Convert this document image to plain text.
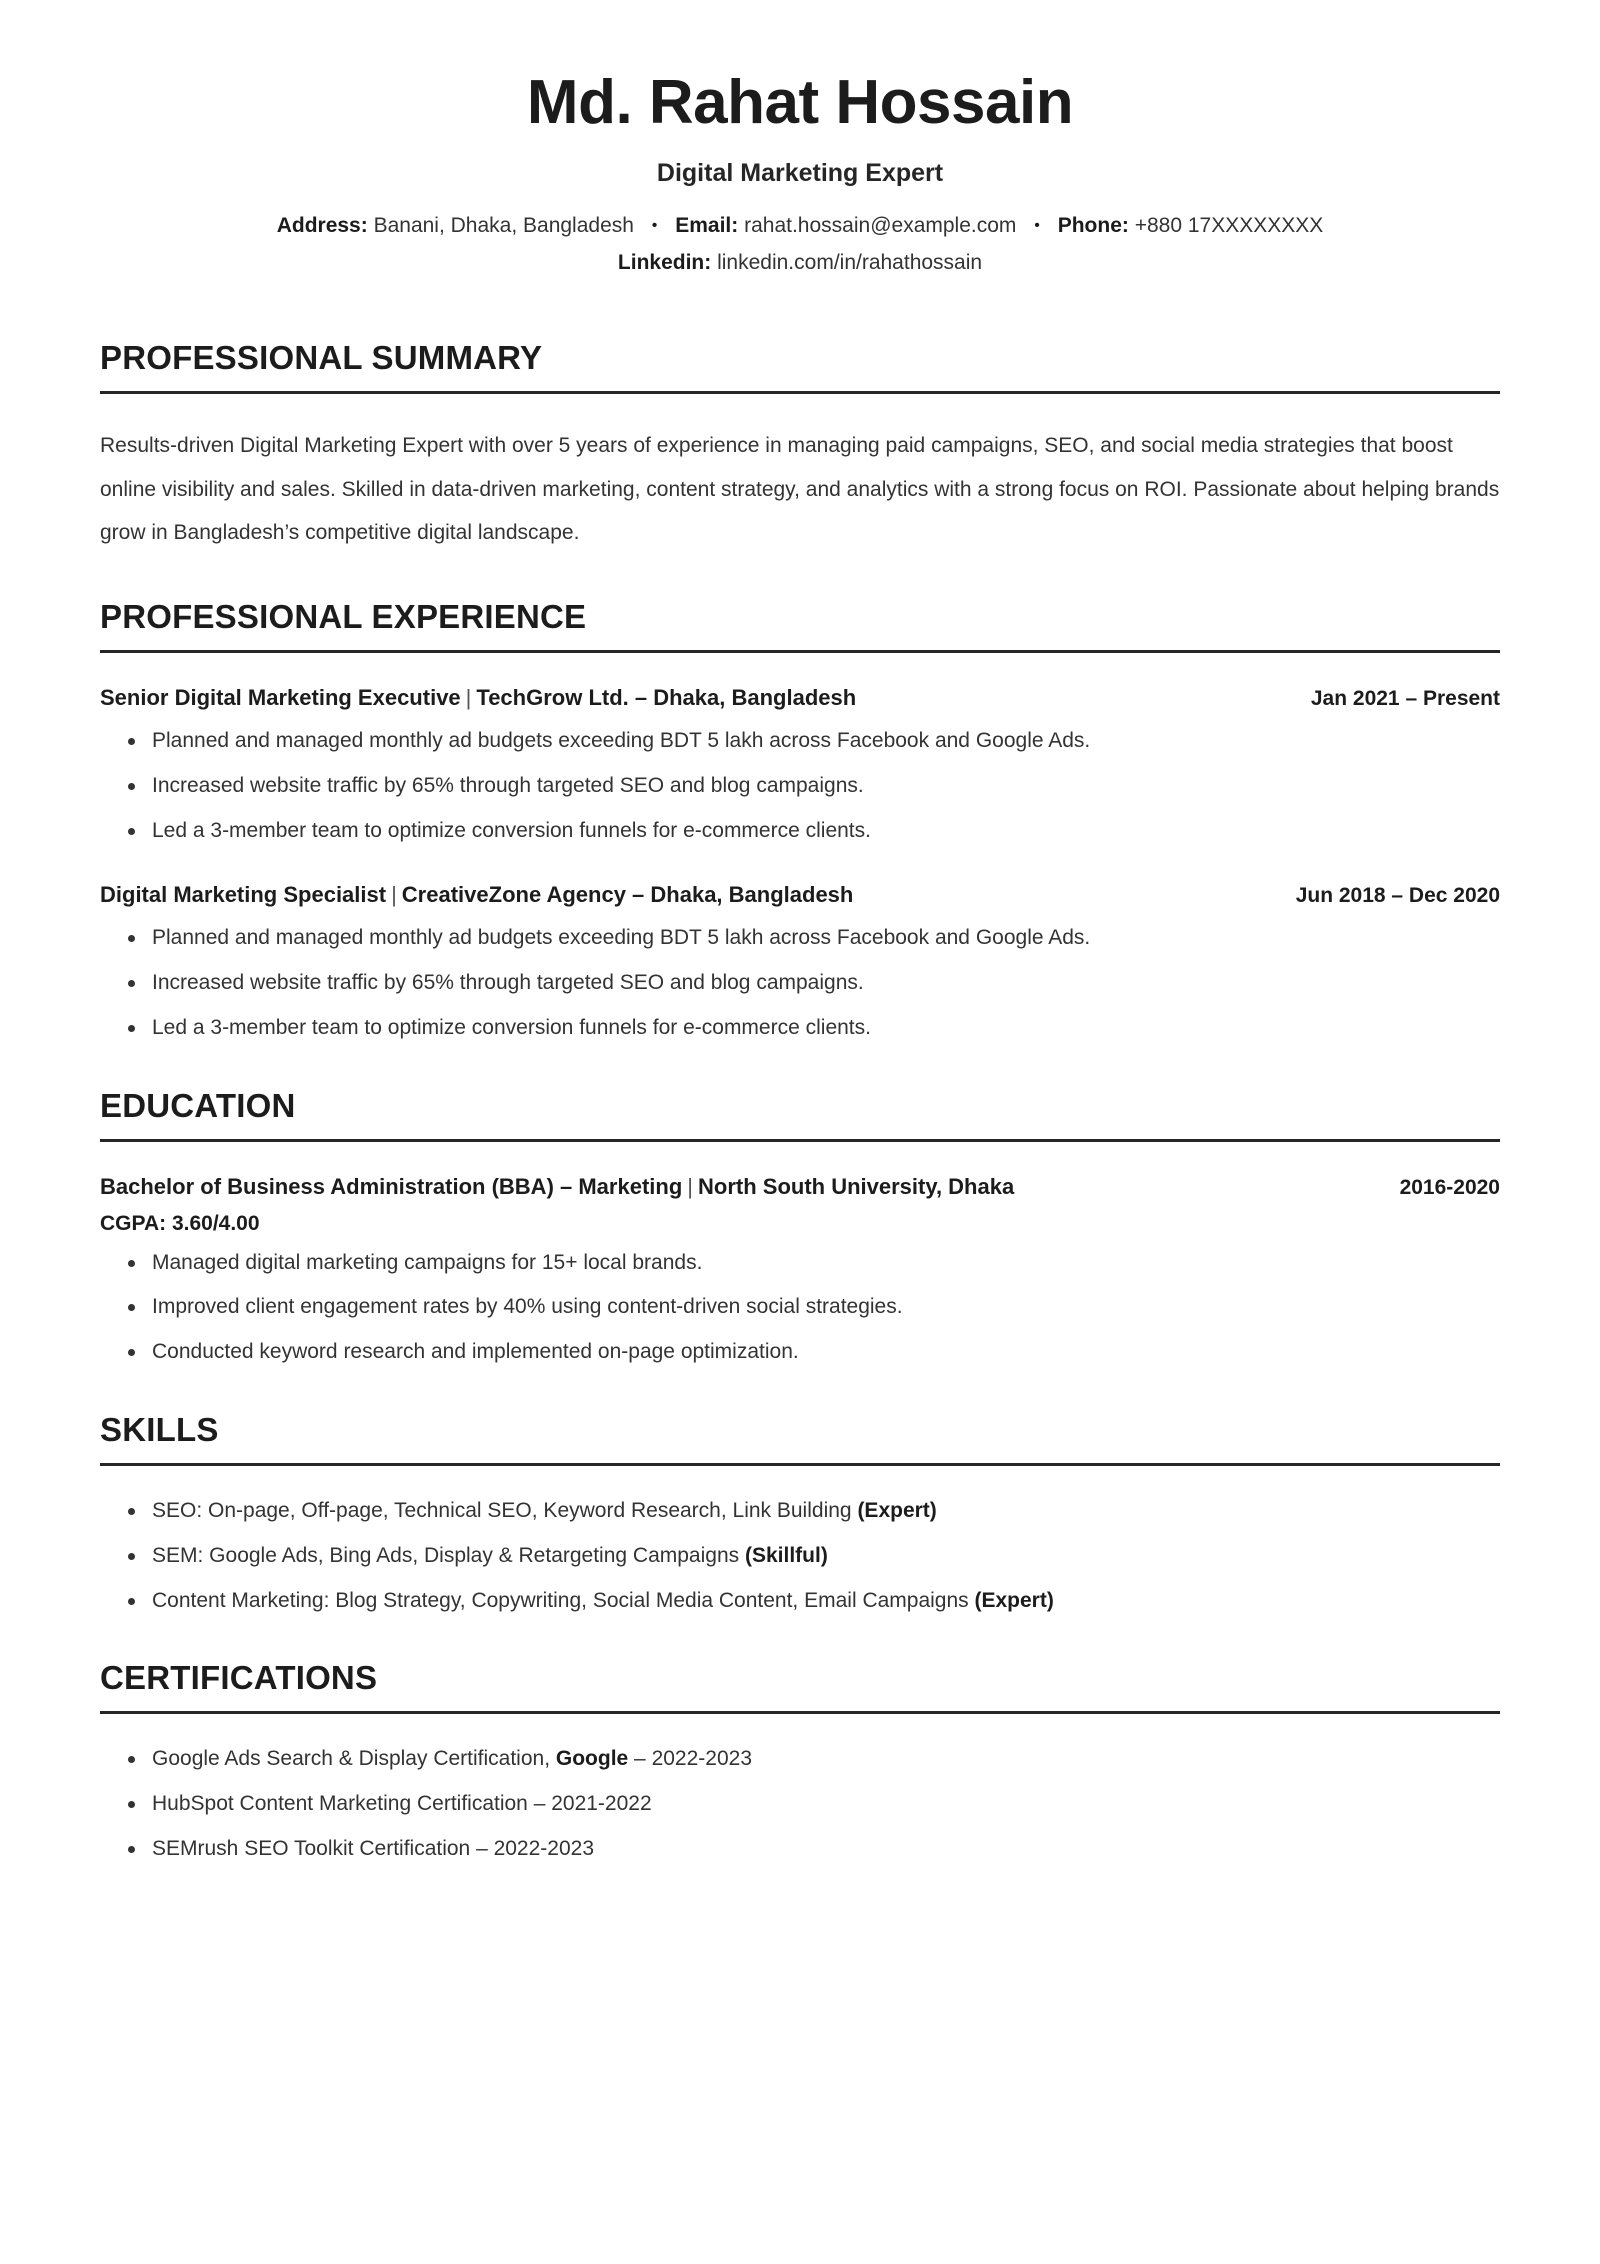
Md. Rahat Hossain
Digital Marketing Expert
Address: Banani, Dhaka, Bangladesh • Email: rahat.hossain@example.com • Phone: +880 17XXXXXXXX
Linkedin: linkedin.com/in/rahathossain
PROFESSIONAL SUMMARY

Results-driven Digital Marketing Expert with over 5 years of experience in managing paid campaigns, SEO, and social media strategies that boost online visibility and sales. Skilled in data-driven marketing, content strategy, and analytics with a strong focus on ROI. Passionate about helping brands grow in Bangladesh’s competitive digital landscape.

PROFESSIONAL EXPERIENCE
Senior Digital Marketing Executive | TechGrow Ltd. – Dhaka, Bangladesh	Jan 2021 – Present
Planned and managed monthly ad budgets exceeding BDT 5 lakh across Facebook and Google Ads.
Increased website traffic by 65% through targeted SEO and blog campaigns.
Led a 3-member team to optimize conversion funnels for e-commerce clients.
Digital Marketing Specialist | CreativeZone Agency – Dhaka, Bangladesh	Jun 2018 – Dec 2020
Planned and managed monthly ad budgets exceeding BDT 5 lakh across Facebook and Google Ads.
Increased website traffic by 65% through targeted SEO and blog campaigns.
Led a 3-member team to optimize conversion funnels for e-commerce clients.
EDUCATION
Bachelor of Business Administration (BBA) – Marketing | North South University, Dhaka	2016-2020
CGPA: 3.60/4.00
Managed digital marketing campaigns for 15+ local brands.
Improved client engagement rates by 40% using content-driven social strategies.
Conducted keyword research and implemented on-page optimization.
SKILLS
SEO: On-page, Off-page, Technical SEO, Keyword Research, Link Building (Expert)
SEM: Google Ads, Bing Ads, Display & Retargeting Campaigns (Skillful)
Content Marketing: Blog Strategy, Copywriting, Social Media Content, Email Campaigns (Expert)
CERTIFICATIONS
Google Ads Search & Display Certification, Google – 2022-2023
HubSpot Content Marketing Certification – 2021-2022
SEMrush SEO Toolkit Certification – 2022-2023
